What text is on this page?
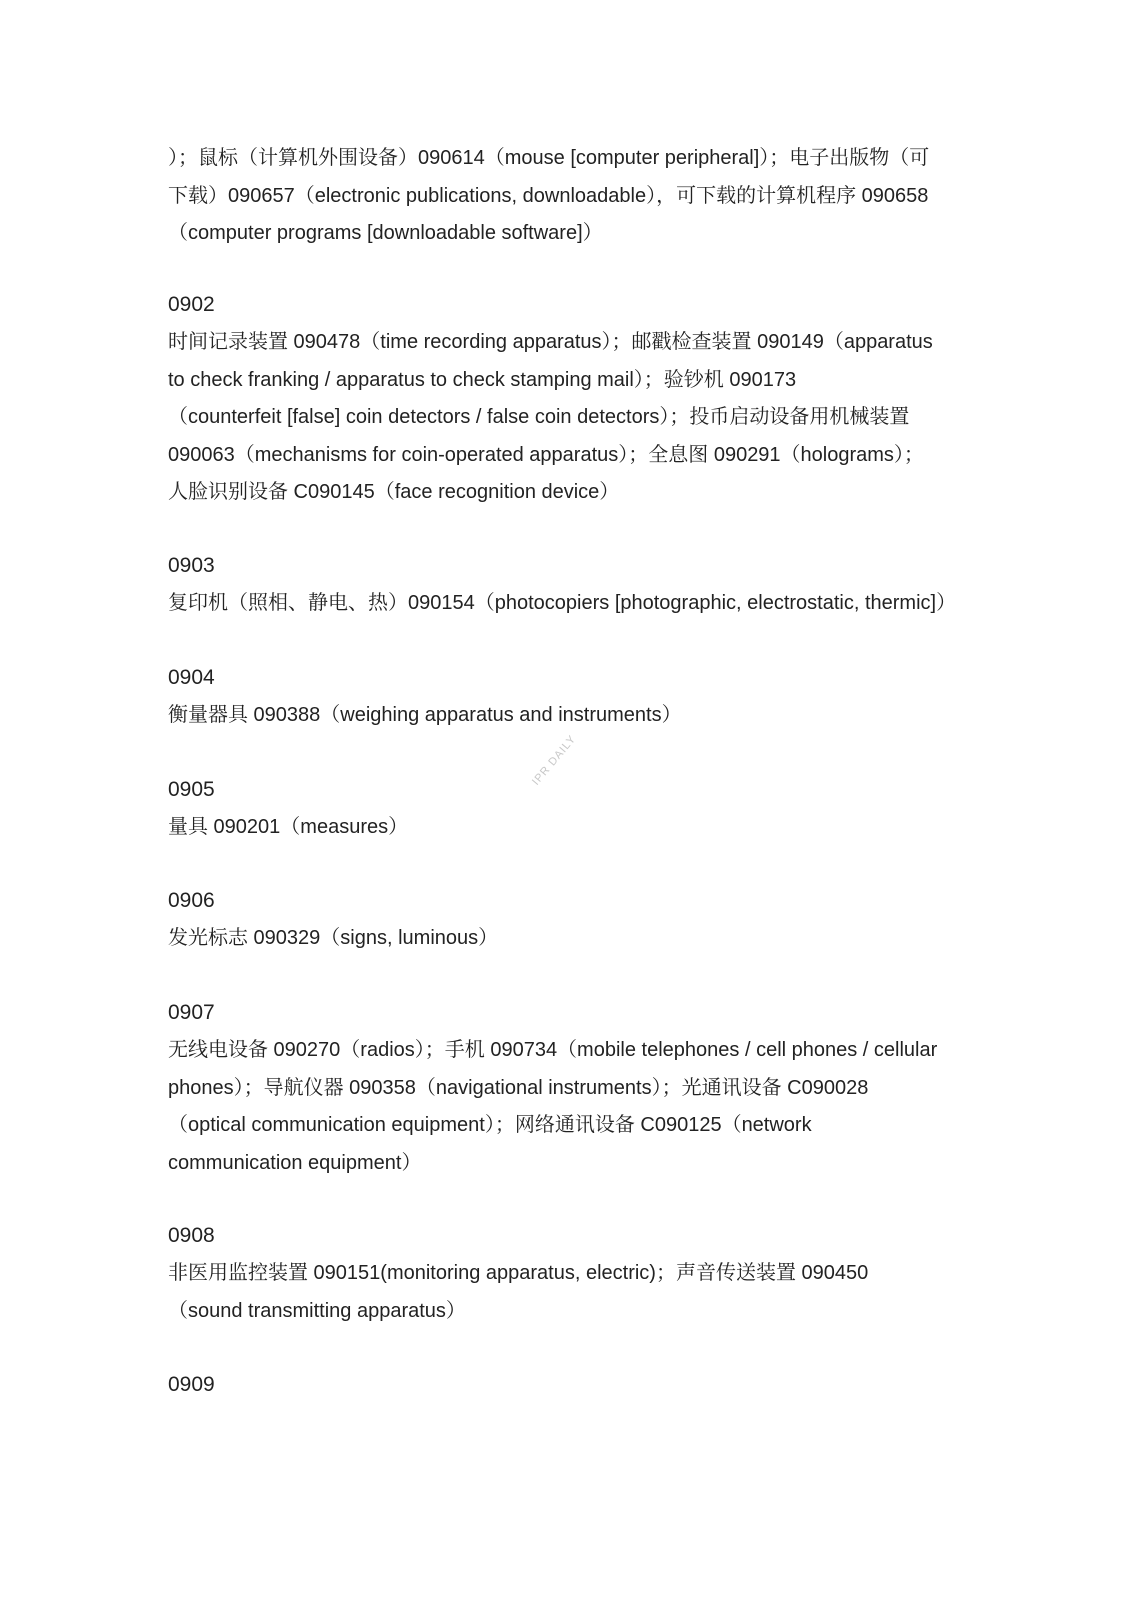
）；鼠标（计算机外围设备）090614（mouse [computer peripheral]）；电子出版物（可
下载）090657（electronic publications, downloadable），可下载的计算机程序 090658
（computer programs [downloadable software]）

0902

时间记录装置 090478（time recording apparatus）；邮戳检查装置 090149（apparatus
to check franking / apparatus to check stamping mail）；验钞机 090173
（counterfeit [false] coin detectors / false coin detectors）；投币启动设备用机械装置
090063（mechanisms for coin-operated apparatus）；全息图 090291（holograms）；
人脸识别设备 C090145（face recognition device）

0903

复印机（照相、静电、热）090154（photocopiers [photographic, electrostatic, thermic]）

0904

衡量器具 090388（weighing apparatus and instruments）

0905

量具 090201（measures）

0906

发光标志 090329（signs, luminous）

0907

无线电设备 090270（radios）；手机 090734（mobile telephones / cell phones / cellular
phones）；导航仪器 090358（navigational instruments）；光通讯设备 C090028
（optical communication equipment）；网络通讯设备 C090125（network
communication equipment）

0908

非医用监控装置 090151(monitoring apparatus, electric)；声音传送装置 090450
（sound transmitting apparatus）

0909
IPR DAILY
